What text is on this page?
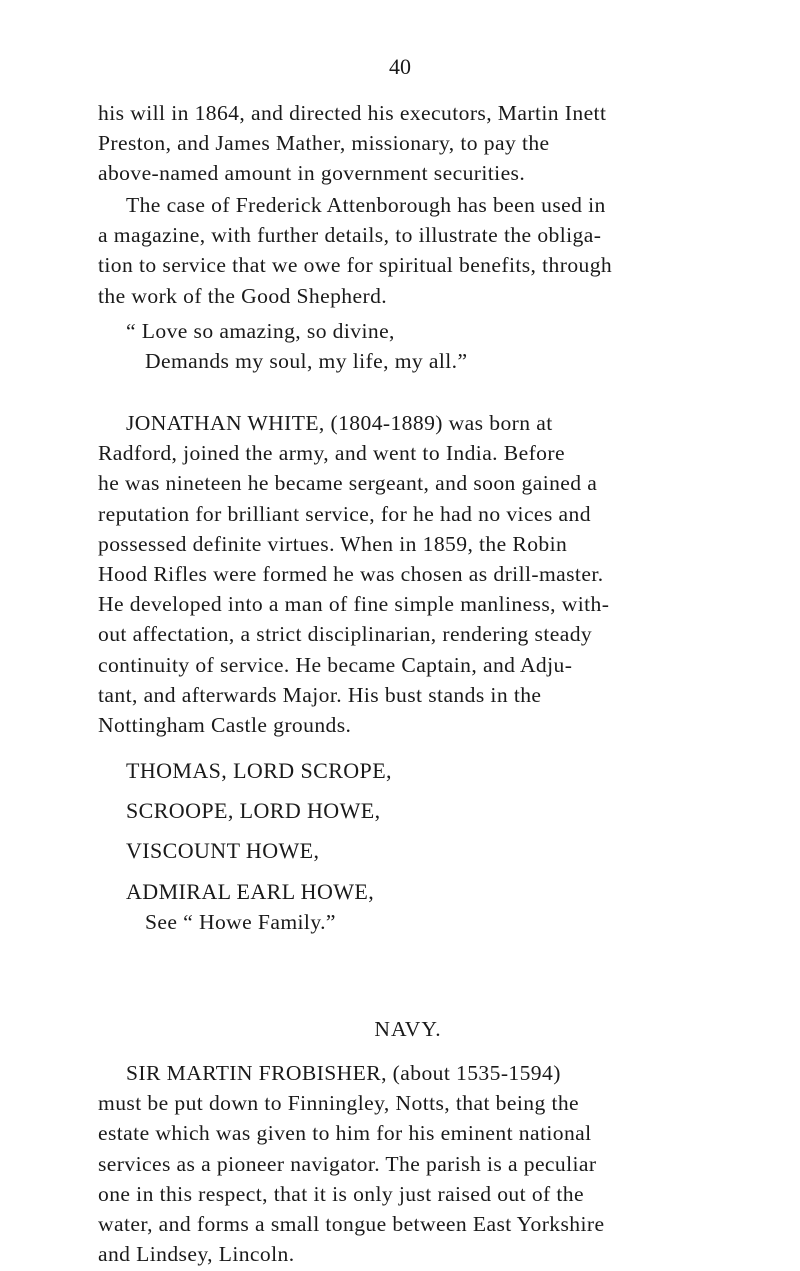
40
his will in 1864, and directed his executors, Martin Inett
Preston, and James Mather, missionary, to pay the
above-named amount in government securities.
The case of Frederick Attenborough has been used in
a magazine, with further details, to illustrate the obliga-
tion to service that we owe for spiritual benefits, through
the work of the Good Shepherd.
“ Love so amazing, so divine,
Demands my soul, my life, my all.”
JONATHAN WHITE, (1804-1889) was born at
Radford, joined the army, and went to India. Before
he was nineteen he became sergeant, and soon gained a
reputation for brilliant service, for he had no vices and
possessed definite virtues. When in 1859, the Robin
Hood Rifles were formed he was chosen as drill-master.
He developed into a man of fine simple manliness, with-
out affectation, a strict disciplinarian, rendering steady
continuity of service. He became Captain, and Adju-
tant, and afterwards Major. His bust stands in the
Nottingham Castle grounds.
THOMAS, LORD SCROPE,
SCROOPE, LORD HOWE,
VISCOUNT HOWE,
ADMIRAL EARL HOWE,
See “ Howe Family.”
NAVY.
SIR MARTIN FROBISHER, (about 1535-1594)
must be put down to Finningley, Notts, that being the
estate which was given to him for his eminent national
services as a pioneer navigator. The parish is a peculiar
one in this respect, that it is only just raised out of the
water, and forms a small tongue between East Yorkshire
and Lindsey, Lincoln.
